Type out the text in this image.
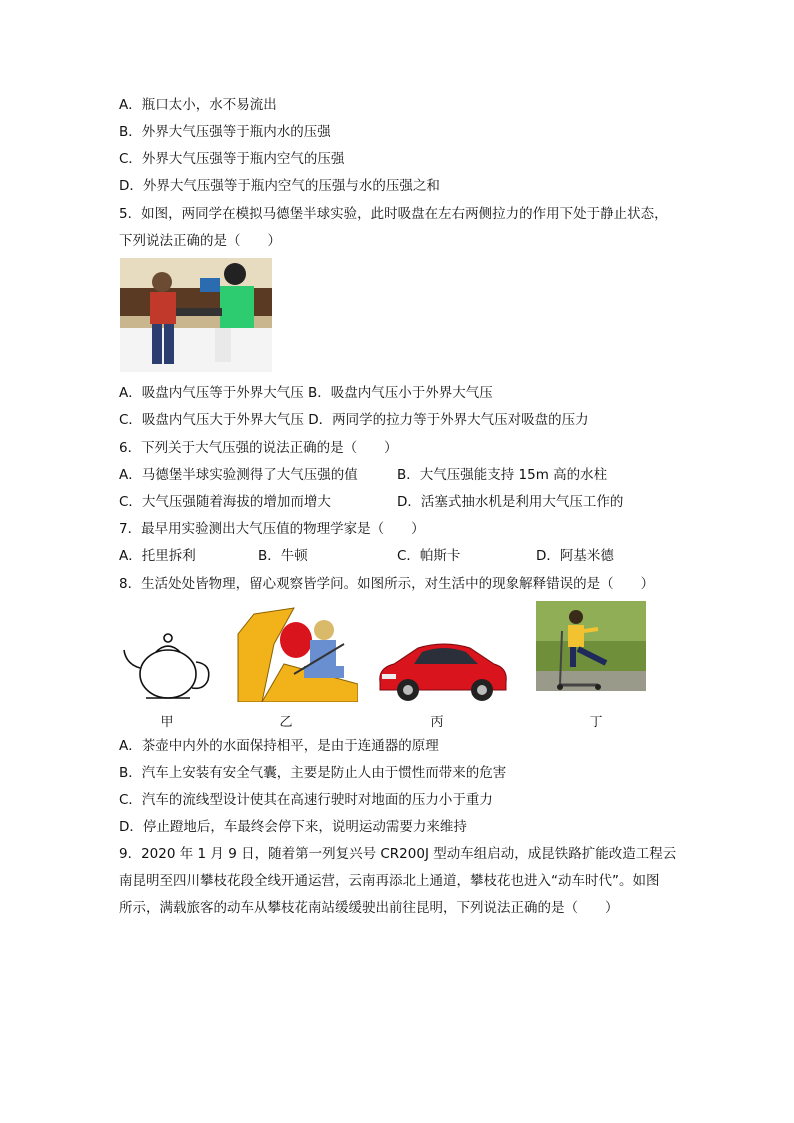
A．瓶口太小，水不易流出
B．外界大气压强等于瓶内水的压强
C．外界大气压强等于瓶内空气的压强
D．外界大气压强等于瓶内空气的压强与水的压强之和
5．如图，两同学在模拟马德堡半球实验，此时吸盘在左右两侧拉力的作用下处于静止状态，
下列说法正确的是（　　）
A．吸盘内气压等于外界大气压 B．吸盘内气压小于外界大气压
C．吸盘内气压大于外界大气压 D．两同学的拉力等于外界大气压对吸盘的压力
6．下列关于大气压强的说法正确的是（　　）
A．马德堡半球实验测得了大气压强的值	B．大气压强能支持 15m 高的水柱
C．大气压强随着海拔的增加而增大	D．活塞式抽水机是利用大气压工作的
7．最早用实验测出大气压值的物理学家是（　　）
A．托里拆利	B．牛顿	C．帕斯卡	D．阿基米德
8．生活处处皆物理，留心观察皆学问。如图所示，对生活中的现象解释错误的是（　　）
甲	乙	丙	丁
A．茶壶中内外的水面保持相平，是由于连通器的原理
B．汽车上安装有安全气囊，主要是防止人由于惯性而带来的危害
C．汽车的流线型设计使其在高速行驶时对地面的压力小于重力
D．停止蹬地后，车最终会停下来，说明运动需要力来维持
9．2020 年 1 月 9 日，随着第一列复兴号 CR200J 型动车组启动，成昆铁路扩能改造工程云
南昆明至四川攀枝花段全线开通运营，云南再添北上通道，攀枝花也进入“动车时代”。如图
所示，满载旅客的动车从攀枝花南站缓缓驶出前往昆明，下列说法正确的是（　　）
